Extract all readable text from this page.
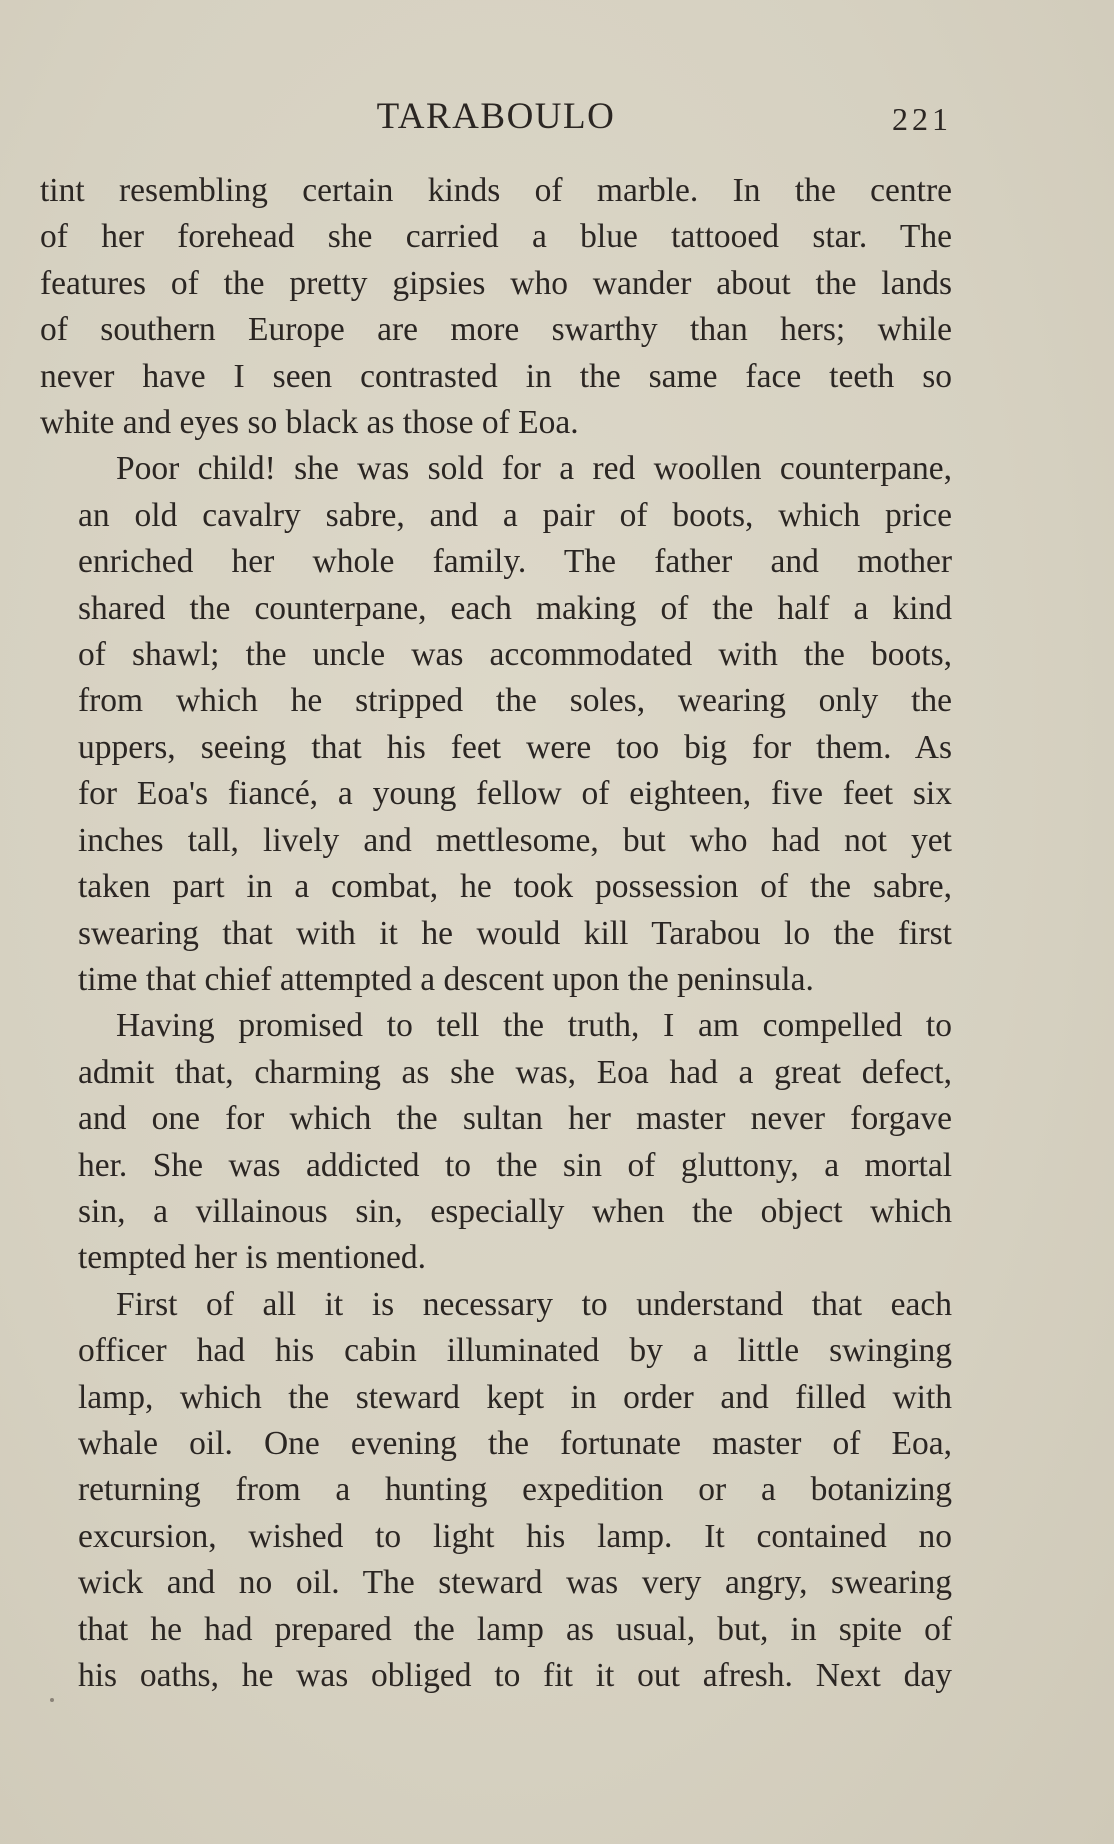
TARABOULO	221

tint resembling certain kinds of marble. In the centre
of her forehead she carried a blue tattooed star. The
features of the pretty gipsies who wander about the lands
of southern Europe are more swarthy than hers; while
never have I seen contrasted in the same face teeth so
white and eyes so black as those of Eoa.

Poor child! she was sold for a red woollen counterpane,
an old cavalry sabre, and a pair of boots, which price
enriched her whole family. The father and mother
shared the counterpane, each making of the half a kind
of shawl; the uncle was accommodated with the boots,
from which he stripped the soles, wearing only the
uppers, seeing that his feet were too big for them. As
for Eoa's fiancé, a young fellow of eighteen, five feet six
inches tall, lively and mettlesome, but who had not yet
taken part in a combat, he took possession of the sabre,
swearing that with it he would kill Tarabou lo the first
time that chief attempted a descent upon the peninsula.

Having promised to tell the truth, I am compelled to
admit that, charming as she was, Eoa had a great defect,
and one for which the sultan her master never forgave
her. She was addicted to the sin of gluttony, a mortal
sin, a villainous sin, especially when the object which
tempted her is mentioned.

First of all it is necessary to understand that each
officer had his cabin illuminated by a little swinging
lamp, which the steward kept in order and filled with
whale oil. One evening the fortunate master of Eoa,
returning from a hunting expedition or a botanizing
excursion, wished to light his lamp. It contained no
wick and no oil. The steward was very angry, swearing
that he had prepared the lamp as usual, but, in spite of
his oaths, he was obliged to fit it out afresh. Next day
